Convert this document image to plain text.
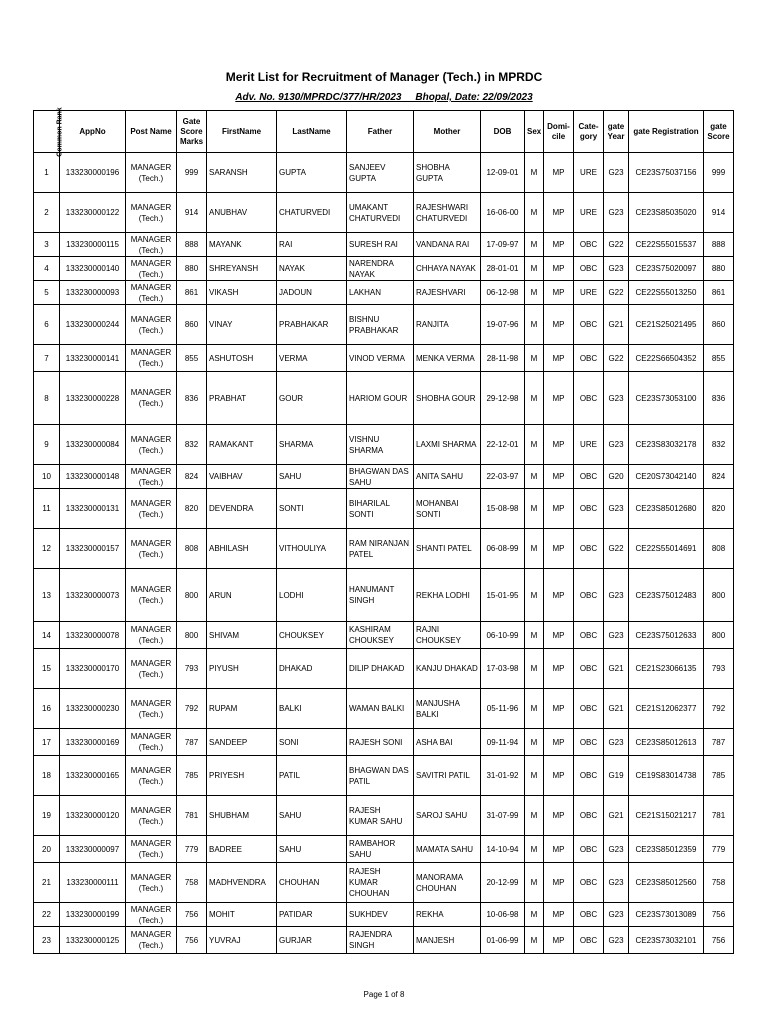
Merit List for Recruitment of Manager (Tech.) in MPRDC
Adv. No. 9130/MPRDC/377/HR/2023     Bhopal, Date: 22/09/2023
Common Rank	AppNo	Post Name	Gate Score Marks	FirstName	LastName	Father	Mother	DOB	Sex	Domi-cile	Cate-gory	gate Year	gate Registration	gate Score
1	133230000196	MANAGER (Tech.)	999	SARANSH	GUPTA	SANJEEV GUPTA	SHOBHA GUPTA	12-09-01	M	MP	URE	G23	CE23S75037156	999
2	133230000122	MANAGER (Tech.)	914	ANUBHAV	CHATURVEDI	UMAKANT CHATURVEDI	RAJESHWARI CHATURVEDI	16-06-00	M	MP	URE	G23	CE23S85035020	914
3	133230000115	MANAGER (Tech.)	888	MAYANK	RAI	SURESH RAI	VANDANA RAI	17-09-97	M	MP	OBC	G22	CE22S55015537	888
4	133230000140	MANAGER (Tech.)	880	SHREYANSH	NAYAK	NARENDRA NAYAK	CHHAYA NAYAK	28-01-01	M	MP	OBC	G23	CE23S75020097	880
5	133230000093	MANAGER (Tech.)	861	VIKASH	JADOUN	LAKHAN	RAJESHVARI	06-12-98	M	MP	URE	G22	CE22S55013250	861
6	133230000244	MANAGER (Tech.)	860	VINAY	PRABHAKAR	BISHNU PRABHAKAR	RANJITA	19-07-96	M	MP	OBC	G21	CE21S25021495	860
7	133230000141	MANAGER (Tech.)	855	ASHUTOSH	VERMA	VINOD VERMA	MENKA VERMA	28-11-98	M	MP	OBC	G22	CE22S66504352	855
8	133230000228	MANAGER (Tech.)	836	PRABHAT	GOUR	HARIOM GOUR	SHOBHA GOUR	29-12-98	M	MP	OBC	G23	CE23S73053100	836
9	133230000084	MANAGER (Tech.)	832	RAMAKANT	SHARMA	VISHNU SHARMA	LAXMI SHARMA	22-12-01	M	MP	URE	G23	CE23S83032178	832
10	133230000148	MANAGER (Tech.)	824	VAIBHAV	SAHU	BHAGWAN DAS SAHU	ANITA SAHU	22-03-97	M	MP	OBC	G20	CE20S73042140	824
11	133230000131	MANAGER (Tech.)	820	DEVENDRA	SONTI	BIHARILAL SONTI	MOHANBAI SONTI	15-08-98	M	MP	OBC	G23	CE23S85012680	820
12	133230000157	MANAGER (Tech.)	808	ABHILASH	VITHOULIYA	RAM NIRANJAN PATEL	SHANTI PATEL	06-08-99	M	MP	OBC	G22	CE22S55014691	808
13	133230000073	MANAGER (Tech.)	800	ARUN	LODHI	HANUMANT SINGH	REKHA LODHI	15-01-95	M	MP	OBC	G23	CE23S75012483	800
14	133230000078	MANAGER (Tech.)	800	SHIVAM	CHOUKSEY	KASHIRAM CHOUKSEY	RAJNI CHOUKSEY	06-10-99	M	MP	OBC	G23	CE23S75012633	800
15	133230000170	MANAGER (Tech.)	793	PIYUSH	DHAKAD	DILIP DHAKAD	KANJU DHAKAD	17-03-98	M	MP	OBC	G21	CE21S23066135	793
16	133230000230	MANAGER (Tech.)	792	RUPAM	BALKI	WAMAN BALKI	MANJUSHA BALKI	05-11-96	M	MP	OBC	G21	CE21S12062377	792
17	133230000169	MANAGER (Tech.)	787	SANDEEP	SONI	RAJESH SONI	ASHA BAI	09-11-94	M	MP	OBC	G23	CE23S85012613	787
18	133230000165	MANAGER (Tech.)	785	PRIYESH	PATIL	BHAGWAN DAS PATIL	SAVITRI PATIL	31-01-92	M	MP	OBC	G19	CE19S83014738	785
19	133230000120	MANAGER (Tech.)	781	SHUBHAM	SAHU	RAJESH KUMAR SAHU	SAROJ SAHU	31-07-99	M	MP	OBC	G21	CE21S15021217	781
20	133230000097	MANAGER (Tech.)	779	BADREE	SAHU	RAMBAHOR SAHU	MAMATA SAHU	14-10-94	M	MP	OBC	G23	CE23S85012359	779
21	133230000111	MANAGER (Tech.)	758	MADHVENDRA	CHOUHAN	RAJESH KUMAR CHOUHAN	MANORAMA CHOUHAN	20-12-99	M	MP	OBC	G23	CE23S85012560	758
22	133230000199	MANAGER (Tech.)	756	MOHIT	PATIDAR	SUKHDEV	REKHA	10-06-98	M	MP	OBC	G23	CE23S73013089	756
23	133230000125	MANAGER (Tech.)	756	YUVRAJ	GURJAR	RAJENDRA SINGH	MANJESH	01-06-99	M	MP	OBC	G23	CE23S73032101	756
Page 1 of 8
